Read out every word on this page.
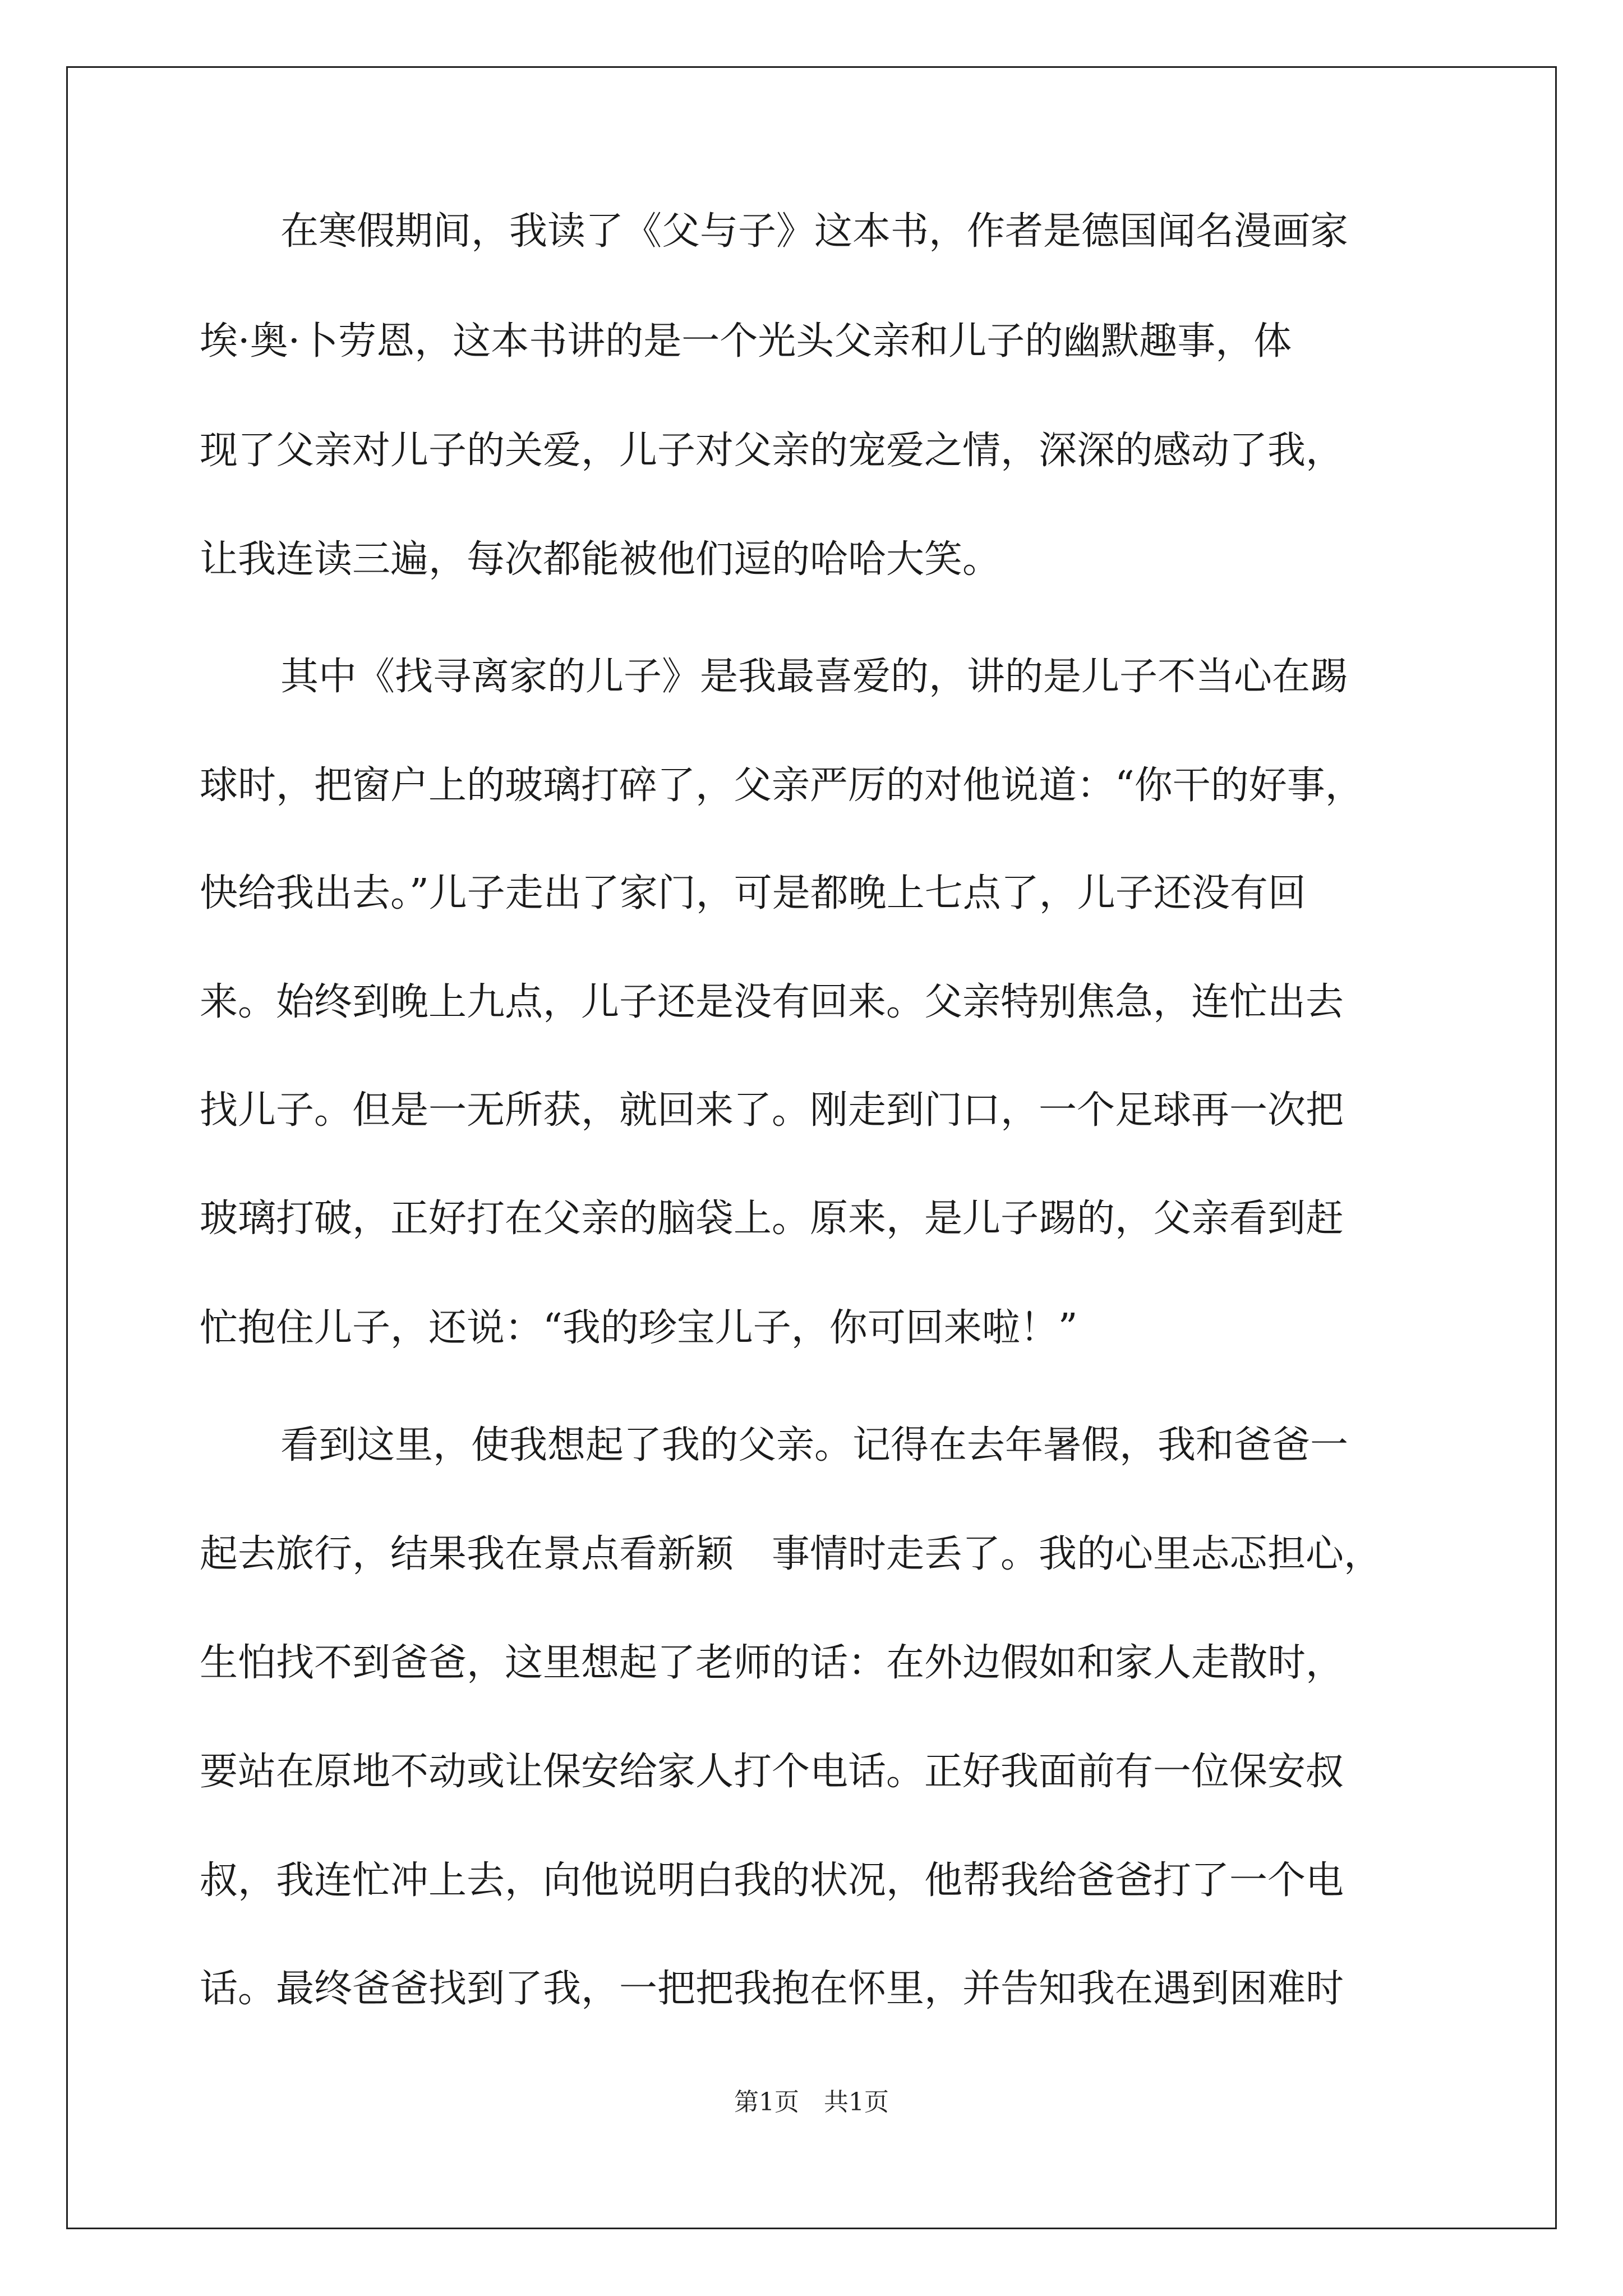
在寒假期间，我读了《父与子》这本书，作者是德国闻名漫画家
埃·奥·卜劳恩，这本书讲的是一个光头父亲和儿子的幽默趣事，体
现了父亲对儿子的关爱，儿子对父亲的宠爱之情，深深的感动了我，
让我连读三遍，每次都能被他们逗的哈哈大笑。
其中《找寻离家的儿子》是我最喜爱的，讲的是儿子不当心在踢
球时，把窗户上的玻璃打碎了，父亲严厉的对他说道：“你干的好事，
快给我出去。”儿子走出了家门，可是都晚上七点了，儿子还没有回
来。始终到晚上九点，儿子还是没有回来。父亲特别焦急，连忙出去
找儿子。但是一无所获，就回来了。刚走到门口，一个足球再一次把
玻璃打破，正好打在父亲的脑袋上。原来，是儿子踢的，父亲看到赶
忙抱住儿子，还说：“我的珍宝儿子，你可回来啦！”
看到这里，使我想起了我的父亲。记得在去年暑假，我和爸爸一
起去旅行，结果我在景点看新颖　事情时走丢了。我的心里忐忑担心，
生怕找不到爸爸，这里想起了老师的话：在外边假如和家人走散时，
要站在原地不动或让保安给家人打个电话。正好我面前有一位保安叔
叔，我连忙冲上去，向他说明白我的状况，他帮我给爸爸打了一个电
话。最终爸爸找到了我，一把把我抱在怀里，并告知我在遇到困难时
第1页　共1页
